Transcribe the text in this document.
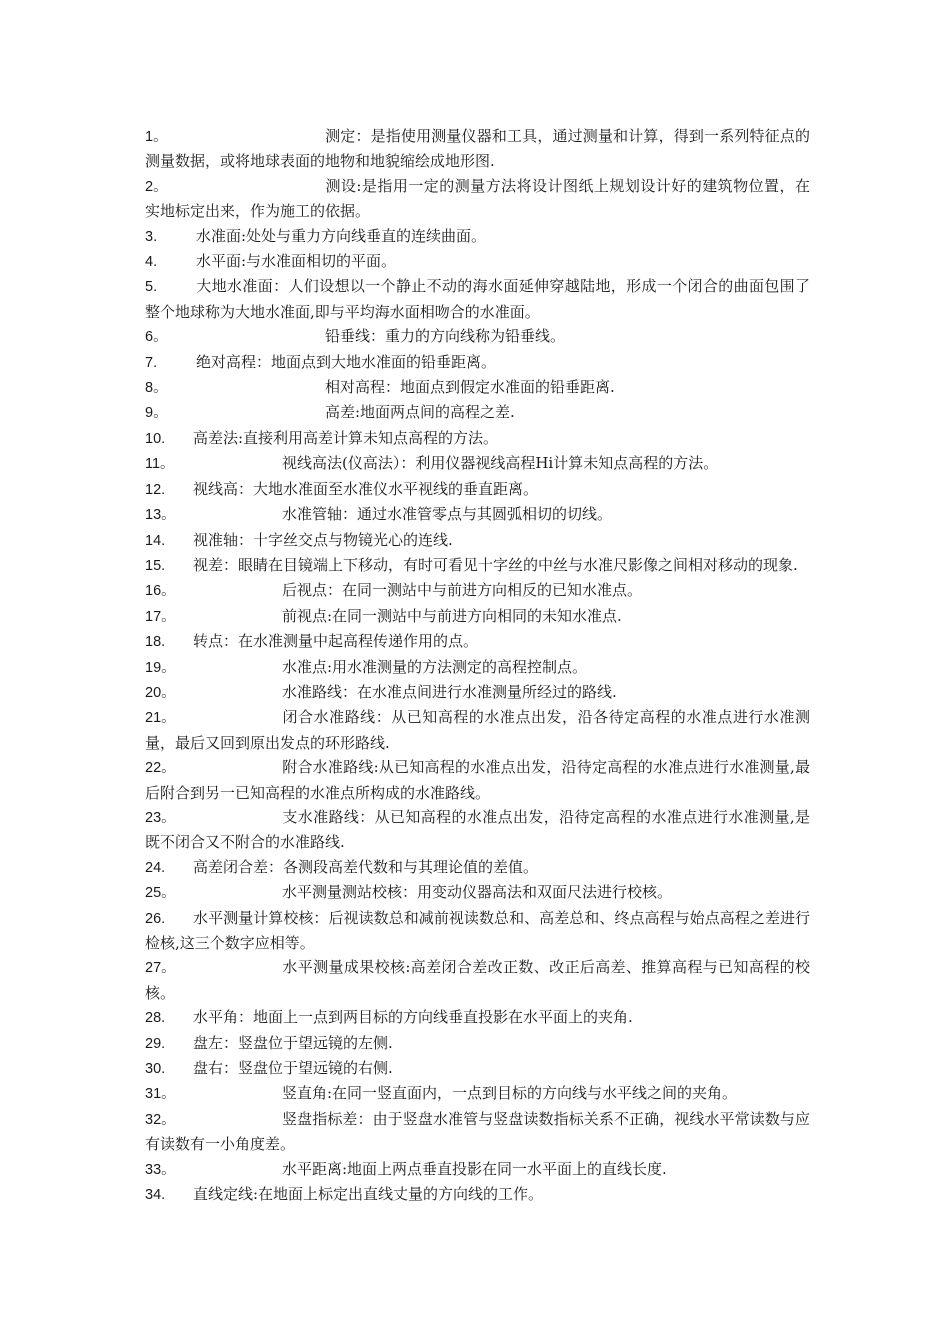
1。	测定：是指使用测量仪器和工具，通过测量和计算，得到一系列特征点的测量数据，或将地球表面的地物和地貌缩绘成地形图.
2。	测设:是指用一定的测量方法将设计图纸上规划设计好的建筑物位置，在实地标定出来，作为施工的依据。
3.	水准面:处处与重力方向线垂直的连续曲面。
4.	水平面:与水准面相切的平面。
5.	大地水准面：人们设想以一个静止不动的海水面延伸穿越陆地，形成一个闭合的曲面包围了整个地球称为大地水准面,即与平均海水面相吻合的水准面。
6。	铅垂线：重力的方向线称为铅垂线。
7.	绝对高程：地面点到大地水准面的铅垂距离。
8。	相对高程：地面点到假定水准面的铅垂距离.
9。	高差:地面两点间的高程之差.
10. 高差法:直接利用高差计算未知点高程的方法。
11。	视线高法(仪高法）：利用仪器视线高程Hi计算未知点高程的方法。
12. 视线高：大地水准面至水准仪水平视线的垂直距离。
13。	水准管轴：通过水准管零点与其圆弧相切的切线。
14. 视准轴：十字丝交点与物镜光心的连线.
15. 视差：眼睛在目镜端上下移动，有时可看见十字丝的中丝与水准尺影像之间相对移动的现象.
16。	后视点：在同一测站中与前进方向相反的已知水准点。
17。	前视点:在同一测站中与前进方向相同的未知水准点.
18. 转点：在水准测量中起高程传递作用的点。
19。	水准点:用水准测量的方法测定的高程控制点。
20。	水准路线：在水准点间进行水准测量所经过的路线.
21。	闭合水准路线：从已知高程的水准点出发，沿各待定高程的水准点进行水准测量，最后又回到原出发点的环形路线.
22。	附合水准路线:从已知高程的水准点出发，沿待定高程的水准点进行水准测量,最后附合到另一已知高程的水准点所构成的水准路线。
23。	支水准路线：从已知高程的水准点出发，沿待定高程的水准点进行水准测量,是既不闭合又不附合的水准路线.
24. 高差闭合差：各测段高差代数和与其理论值的差值。
25。	水平测量测站校核：用变动仪器高法和双面尺法进行校核。
26. 水平测量计算校核：后视读数总和减前视读数总和、高差总和、终点高程与始点高程之差进行检核,这三个数字应相等。
27。	水平测量成果校核:高差闭合差改正数、改正后高差、推算高程与已知高程的校核。
28. 水平角：地面上一点到两目标的方向线垂直投影在水平面上的夹角.
29. 盘左：竖盘位于望远镜的左侧.
30. 盘右：竖盘位于望远镜的右侧.
31。	竖直角:在同一竖直面内，一点到目标的方向线与水平线之间的夹角。
32。	竖盘指标差：由于竖盘水准管与竖盘读数指标关系不正确，视线水平常读数与应有读数有一小角度差。
33。	水平距离:地面上两点垂直投影在同一水平面上的直线长度.
34. 直线定线:在地面上标定出直线丈量的方向线的工作。
